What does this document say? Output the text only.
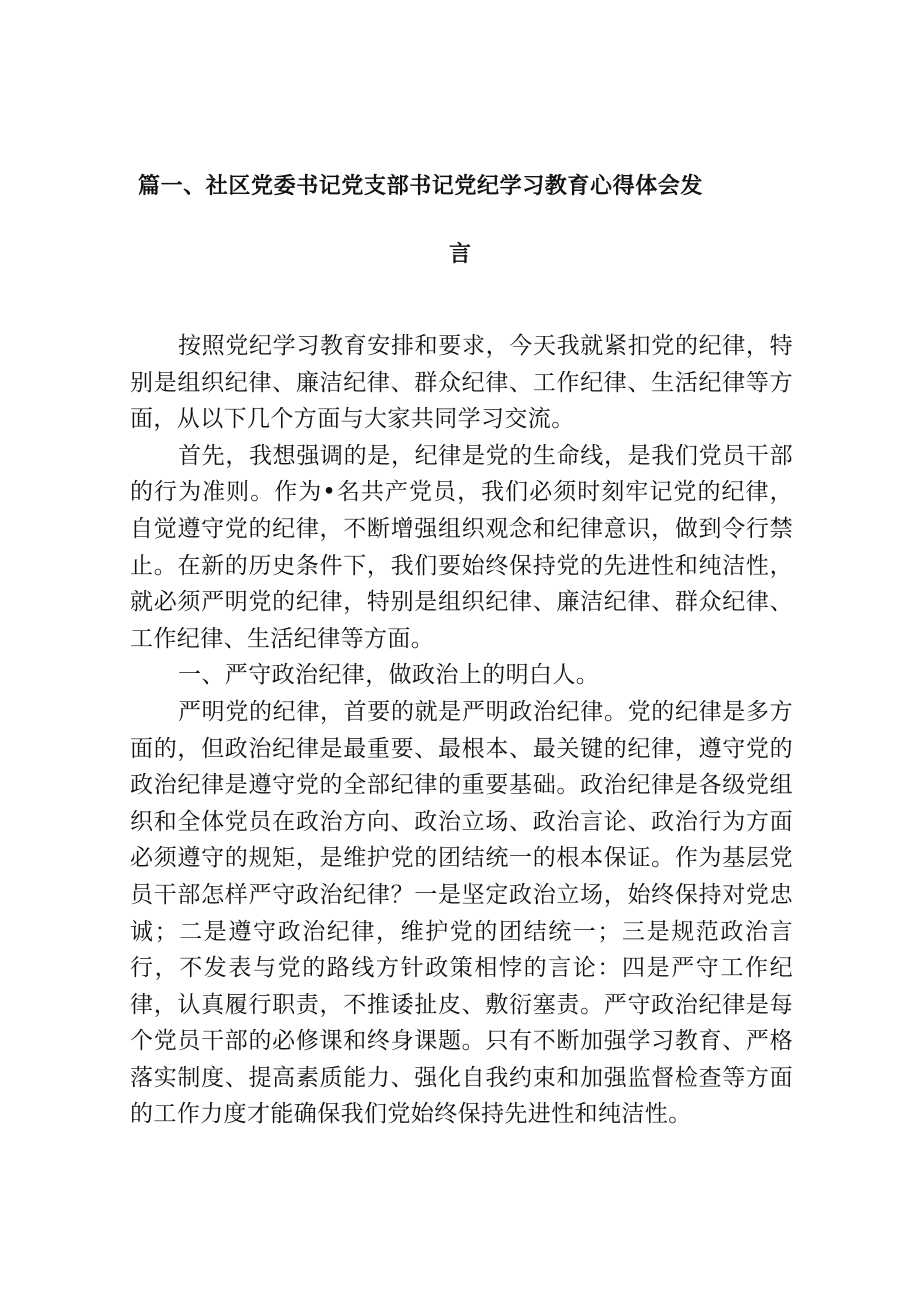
篇一、社区党委书记党支部书记党纪学习教育心得体会发
言

按照党纪学习教育安排和要求，今天我就紧扣党的纪律，特别是组织纪律、廉洁纪律、群众纪律、工作纪律、生活纪律等方面，从以下几个方面与大家共同学习交流。

首先，我想强调的是，纪律是党的生命线，是我们党员干部的行为准则。作为•名共产党员，我们必须时刻牢记党的纪律，自觉遵守党的纪律，不断增强组织观念和纪律意识，做到令行禁止。在新的历史条件下，我们要始终保持党的先进性和纯洁性，就必须严明党的纪律，特别是组织纪律、廉洁纪律、群众纪律、工作纪律、生活纪律等方面。

一、严守政治纪律，做政治上的明白人。

严明党的纪律，首要的就是严明政治纪律。党的纪律是多方面的，但政治纪律是最重要、最根本、最关键的纪律，遵守党的政治纪律是遵守党的全部纪律的重要基础。政治纪律是各级党组织和全体党员在政治方向、政治立场、政治言论、政治行为方面必须遵守的规矩，是维护党的团结统一的根本保证。作为基层党员干部怎样严守政治纪律？一是坚定政治立场，始终保持对党忠诚；二是遵守政治纪律，维护党的团结统一；三是规范政治言行，不发表与党的路线方针政策相悖的言论：四是严守工作纪律，认真履行职责，不推诿扯皮、敷衍塞责。严守政治纪律是每个党员干部的必修课和终身课题。只有不断加强学习教育、严格落实制度、提高素质能力、强化自我约束和加强监督检查等方面的工作力度才能确保我们党始终保持先进性和纯洁性。
